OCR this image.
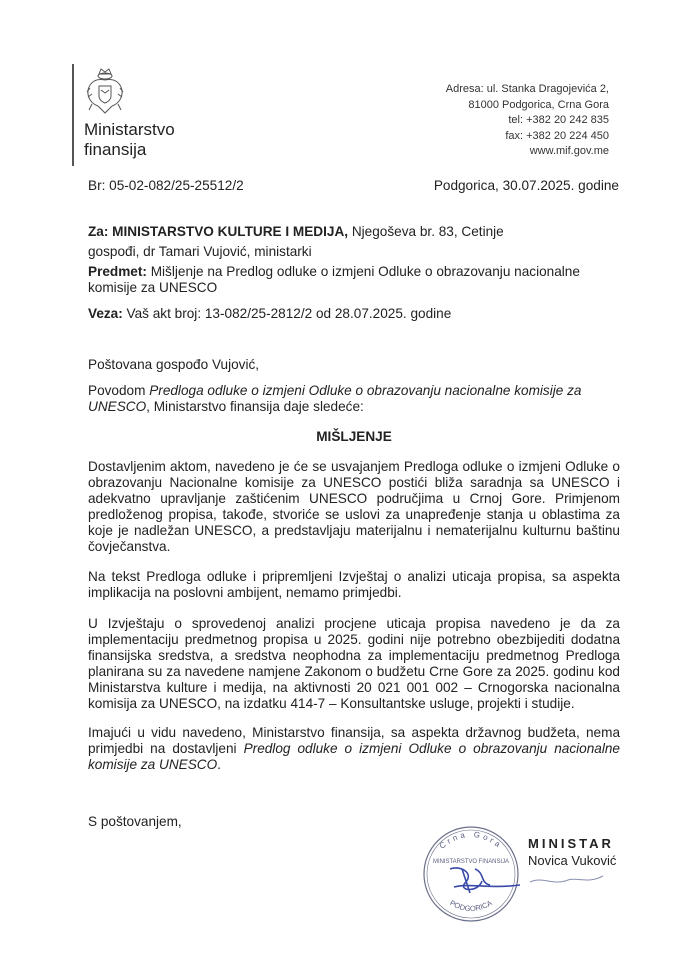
Ministarstvo
finansija
Adresa: ul. Stanka Dragojevića 2,
81000 Podgorica, Crna Gora
tel: +382 20 242 835
fax: +382 20 224 450
www.mif.gov.me
Br: 05-02-082/25-25512/2	Podgorica, 30.07.2025. godine
Za: MINISTARSTVO KULTURE I MEDIJA, Njegoševa br. 83, Cetinje
gospođi, dr Tamari Vujović, ministarki
Predmet: Mišljenje na Predlog odluke o izmjeni Odluke o obrazovanju nacionalne komisije za UNESCO
Veza: Vaš akt broj: 13-082/25-2812/2 od 28.07.2025. godine
Poštovana gospođo Vujović,
Povodom Predloga odluke o izmjeni Odluke o obrazovanju nacionalne komisije za UNESCO, Ministarstvo finansija daje sledeće:
MIŠLJENJE

Dostavljenim aktom, navedeno je će se usvajanjem Predloga odluke o izmjeni Odluke o obrazovanju Nacionalne komisije za UNESCO postići bliža saradnja sa UNESCO i adekvatno upravljanje zaštićenim UNESCO područjima u Crnoj Gore. Primjenom predloženog propisa, takođe, stvoriće se uslovi za unapređenje stanja u oblastima za koje je nadležan UNESCO, a predstavljaju materijalnu i nematerijalnu kulturnu baštinu čovječanstva.

Na tekst Predloga odluke i pripremljeni Izvještaj o analizi uticaja propisa, sa aspekta implikacija na poslovni ambijent, nemamo primjedbi.

U Izvještaju o sprovedenoj analizi procjene uticaja propisa navedeno je da za implementaciju predmetnog propisa u 2025. godini nije potrebno obezbijediti dodatna finansijska sredstva, a sredstva neophodna za implementaciju predmetnog Predloga planirana su za navedene namjene Zakonom o budžetu Crne Gore za 2025. godinu kod Ministarstva kulture i medija, na aktivnosti 20 021 001 002 – Crnogorska nacionalna komisija za UNESCO, na izdatku 414-7 – Konsultantske usluge, projekti i studije.

Imajući u vidu navedeno, Ministarstvo finansija, sa aspekta državnog budžeta, nema primjedbi na dostavljeni Predlog odluke o izmjeni Odluke o obrazovanju nacionalne komisije za UNESCO.

S poštovanjem,
Crna Gora
MINISTARSTVO FINANSIJA
PODGORICA
MINISTAR
Novica Vuković
